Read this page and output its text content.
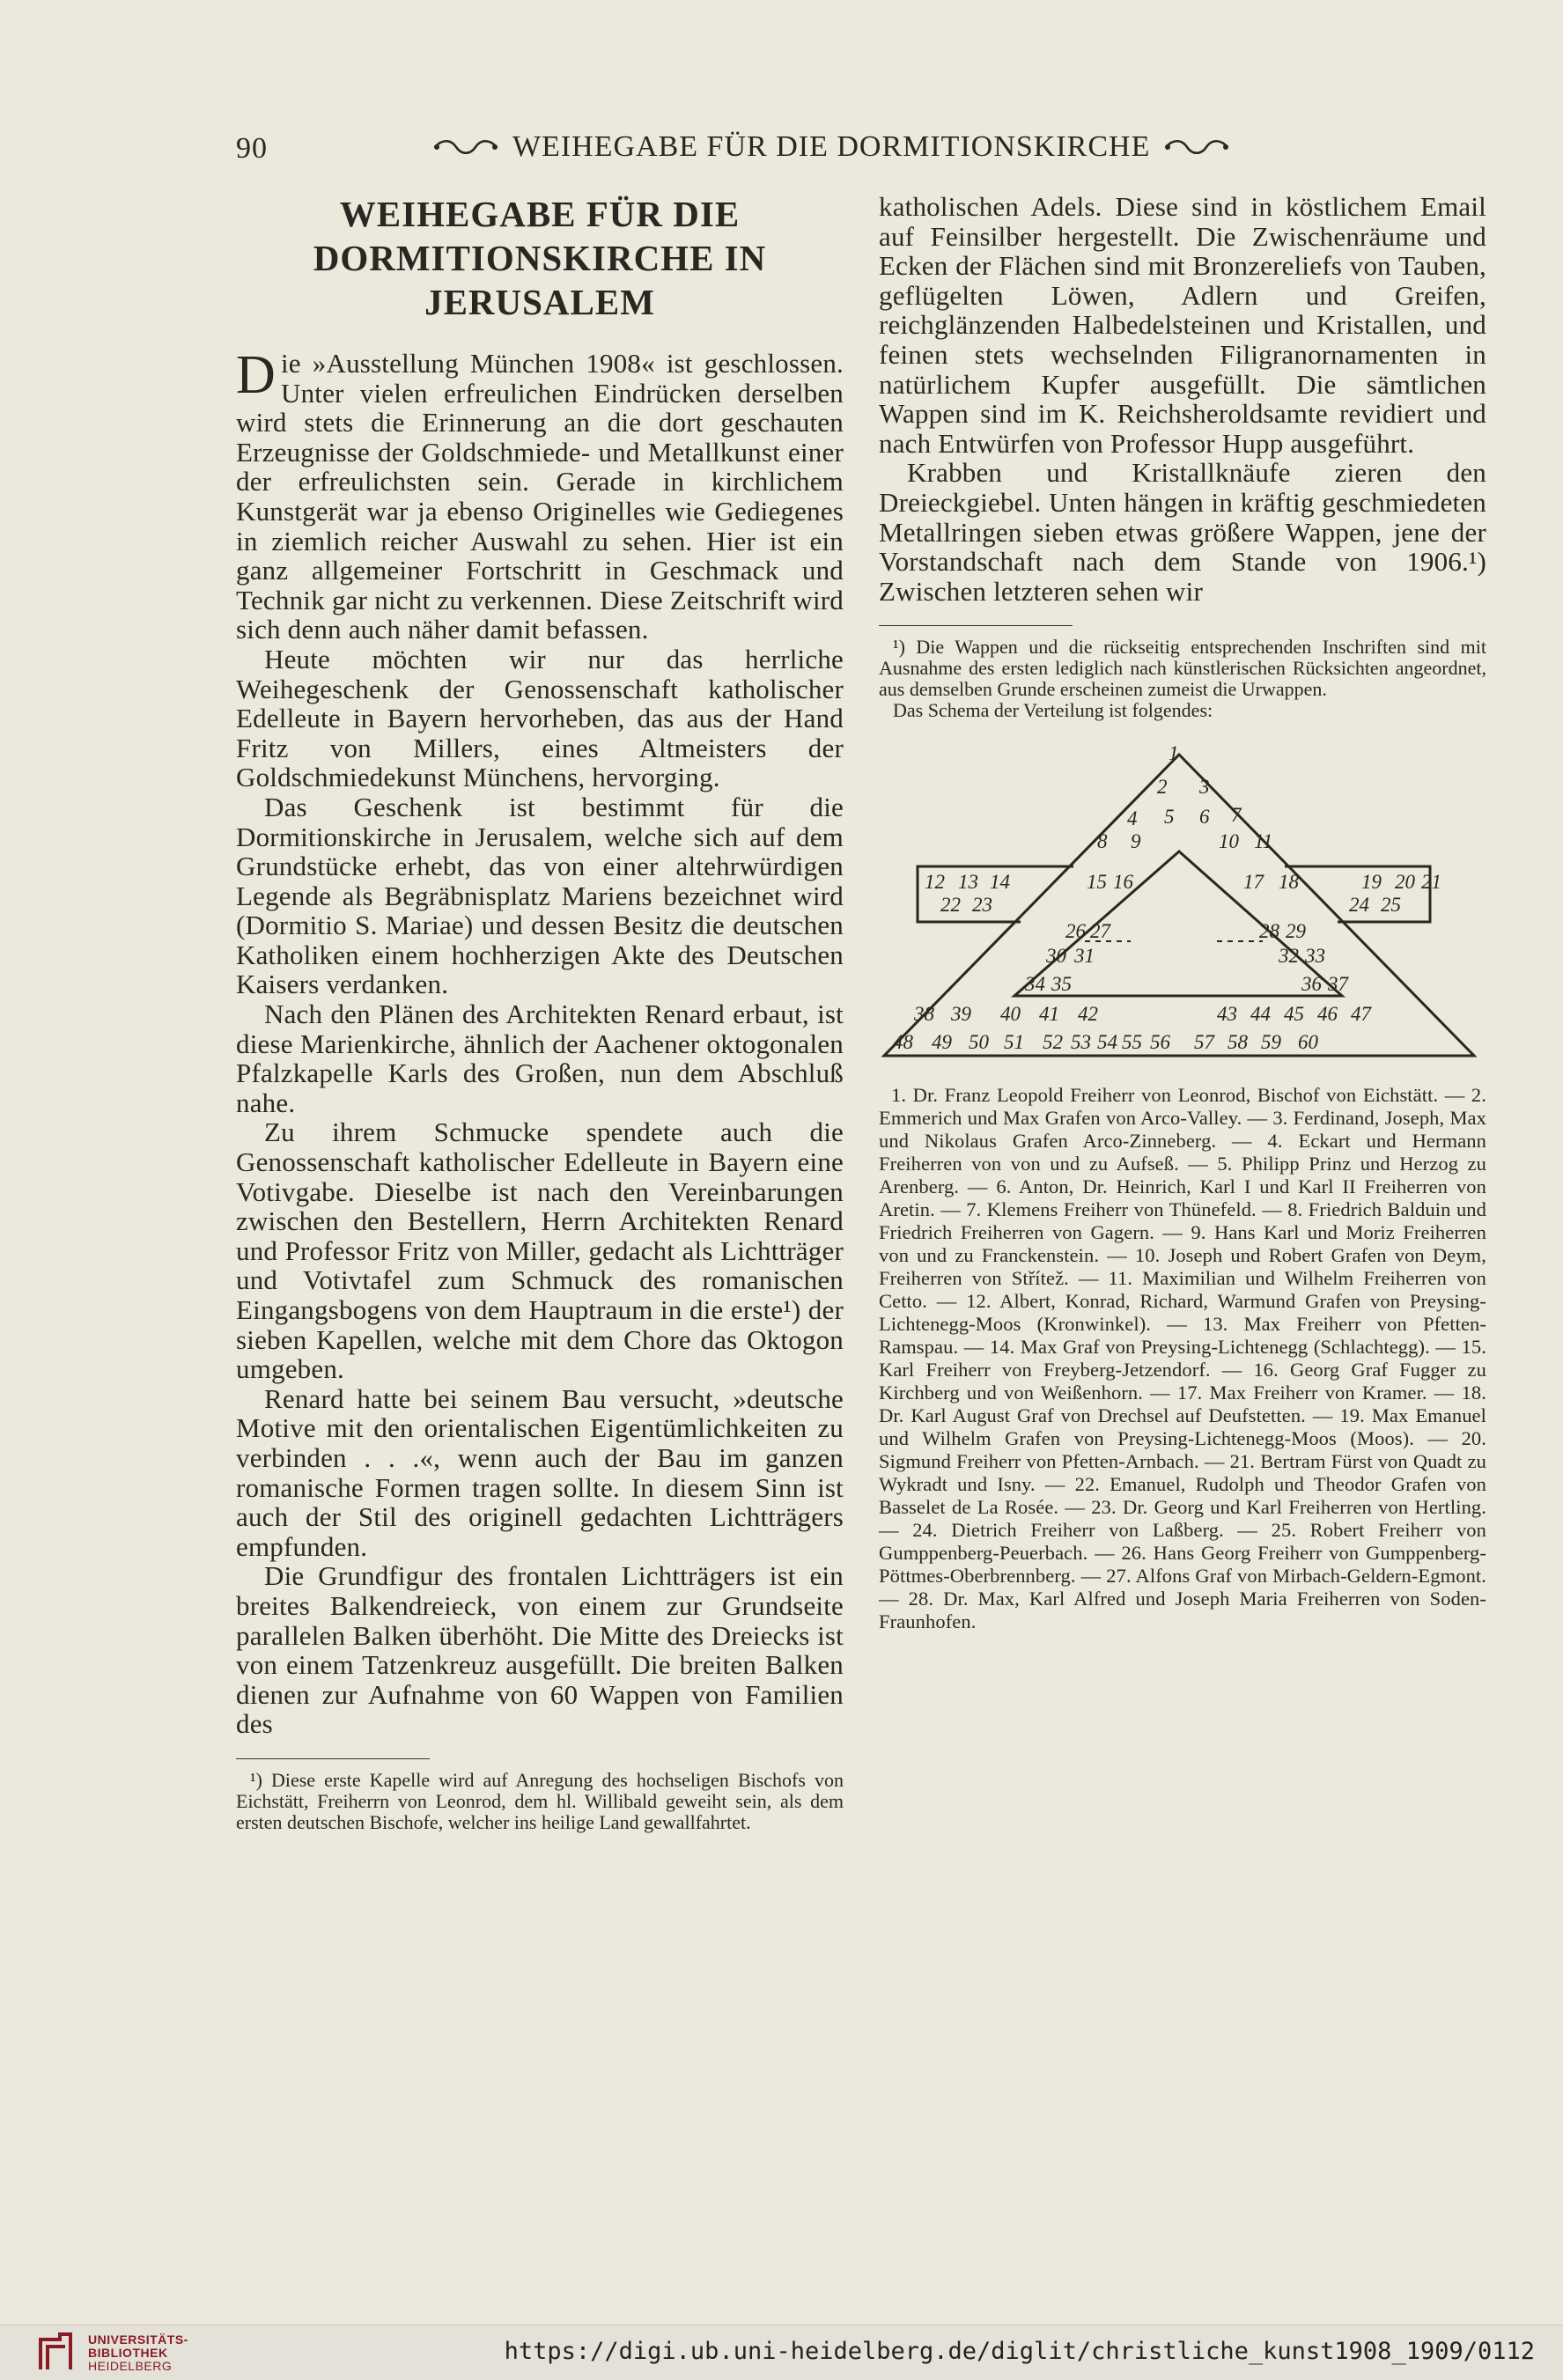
90	WEIHEGABE FÜR DIE DORMITIONSKIRCHE
WEIHEGABE FÜR DIE DORMITIONSKIRCHE IN JERUSALEM

Die »Ausstellung München 1908« ist geschlossen. Unter vielen erfreulichen Eindrücken derselben wird stets die Erinnerung an die dort geschauten Erzeugnisse der Goldschmiede- und Metallkunst einer der erfreulichsten sein. Gerade in kirchlichem Kunstgerät war ja ebenso Originelles wie Gediegenes in ziemlich reicher Auswahl zu sehen. Hier ist ein ganz allgemeiner Fortschritt in Geschmack und Technik gar nicht zu verkennen. Diese Zeitschrift wird sich denn auch näher damit befassen.

Heute möchten wir nur das herrliche Weihegeschenk der Genossenschaft katholischer Edelleute in Bayern hervorheben, das aus der Hand Fritz von Millers, eines Altmeisters der Goldschmiedekunst Münchens, hervorging.

Das Geschenk ist bestimmt für die Dormitionskirche in Jerusalem, welche sich auf dem Grundstücke erhebt, das von einer altehrwürdigen Legende als Begräbnisplatz Mariens bezeichnet wird (Dormitio S. Mariae) und dessen Besitz die deutschen Katholiken einem hochherzigen Akte des Deutschen Kaisers verdanken.

Nach den Plänen des Architekten Renard erbaut, ist diese Marienkirche, ähnlich der Aachener oktogonalen Pfalzkapelle Karls des Großen, nun dem Abschluß nahe.

Zu ihrem Schmucke spendete auch die Genossenschaft katholischer Edelleute in Bayern eine Votivgabe. Dieselbe ist nach den Vereinbarungen zwischen den Bestellern, Herrn Architekten Renard und Professor Fritz von Miller, gedacht als Lichtträger und Votivtafel zum Schmuck des romanischen Eingangsbogens von dem Hauptraum in die erste¹) der sieben Kapellen, welche mit dem Chore das Oktogon umgeben.

Renard hatte bei seinem Bau versucht, »deutsche Motive mit den orientalischen Eigentümlichkeiten zu verbinden . . .«, wenn auch der Bau im ganzen romanische Formen tragen sollte. In diesem Sinn ist auch der Stil des originell gedachten Lichtträgers empfunden.

Die Grundfigur des frontalen Lichtträgers ist ein breites Balkendreieck, von einem zur Grundseite parallelen Balken überhöht. Die Mitte des Dreiecks ist von einem Tatzenkreuz ausgefüllt. Die breiten Balken dienen zur Aufnahme von 60 Wappen von Familien des

¹) Diese erste Kapelle wird auf Anregung des hochseligen Bischofs von Eichstätt, Freiherrn von Leonrod, dem hl. Willibald geweiht sein, als dem ersten deutschen Bischofe, welcher ins heilige Land gewallfahrtet.

katholischen Adels. Diese sind in köstlichem Email auf Feinsilber hergestellt. Die Zwischenräume und Ecken der Flächen sind mit Bronzereliefs von Tauben, geflügelten Löwen, Adlern und Greifen, reichglänzenden Halbedelsteinen und Kristallen, und feinen stets wechselnden Filigranornamenten in natürlichem Kupfer ausgefüllt. Die sämtlichen Wappen sind im K. Reichsheroldsamte revidiert und nach Entwürfen von Professor Hupp ausgeführt.

Krabben und Kristallknäufe zieren den Dreieckgiebel. Unten hängen in kräftig geschmiedeten Metallringen sieben etwas größere Wappen, jene der Vorstandschaft nach dem Stande von 1906.¹) Zwischen letzteren sehen wir

¹) Die Wappen und die rückseitig entsprechenden Inschriften sind mit Ausnahme des ersten lediglich nach künstlerischen Rücksichten angeordnet, aus demselben Grunde erscheinen zumeist die Urwappen.

Das Schema der Verteilung ist folgendes:

1
2 3
4 5 6 7
8 9	10 11
12 13 14	15 16	17 18	19 20 21
22 23	24 25
26 27	28 29
30 31	32 33
34 35	36 37
38 39 40 41 42	43 44 45 46 47
48 49 50 51 52 53 54 55 56 57 58 59 60

1. Dr. Franz Leopold Freiherr von Leonrod, Bischof von Eichstätt. — 2. Emmerich und Max Grafen von Arco-Valley. — 3. Ferdinand, Joseph, Max und Nikolaus Grafen Arco-Zinneberg. — 4. Eckart und Hermann Freiherren von von und zu Aufseß. — 5. Philipp Prinz und Herzog zu Arenberg. — 6. Anton, Dr. Heinrich, Karl I und Karl II Freiherren von Aretin. — 7. Klemens Freiherr von Thünefeld. — 8. Friedrich Balduin und Friedrich Freiherren von Gagern. — 9. Hans Karl und Moriz Freiherren von und zu Franckenstein. — 10. Joseph und Robert Grafen von Deym, Freiherren von Střítež. — 11. Maximilian und Wilhelm Freiherren von Cetto. — 12. Albert, Konrad, Richard, Warmund Grafen von Preysing-Lichtenegg-Moos (Kronwinkel). — 13. Max Freiherr von Pfetten-Ramspau. — 14. Max Graf von Preysing-Lichtenegg (Schlachtegg). — 15. Karl Freiherr von Freyberg-Jetzendorf. — 16. Georg Graf Fugger zu Kirchberg und von Weißenhorn. — 17. Max Freiherr von Kramer. — 18. Dr. Karl August Graf von Drechsel auf Deufstetten. — 19. Max Emanuel und Wilhelm Grafen von Preysing-Lichtenegg-Moos (Moos). — 20. Sigmund Freiherr von Pfetten-Arnbach. — 21. Bertram Fürst von Quadt zu Wykradt und Isny. — 22. Emanuel, Rudolph und Theodor Grafen von Basselet de La Rosée. — 23. Dr. Georg und Karl Freiherren von Hertling. — 24. Dietrich Freiherr von Laßberg. — 25. Robert Freiherr von Gumppenberg-Peuerbach. — 26. Hans Georg Freiherr von Gumppenberg-Pöttmes-Oberbrennberg. — 27. Alfons Graf von Mirbach-Geldern-Egmont. — 28. Dr. Max, Karl Alfred und Joseph Maria Freiherren von Soden-Fraunhofen.

UNIVERSITÄTS-
BIBLIOTHEK
HEIDELBERG
https://digi.ub.uni-heidelberg.de/diglit/christliche_kunst1908_1909/0112
